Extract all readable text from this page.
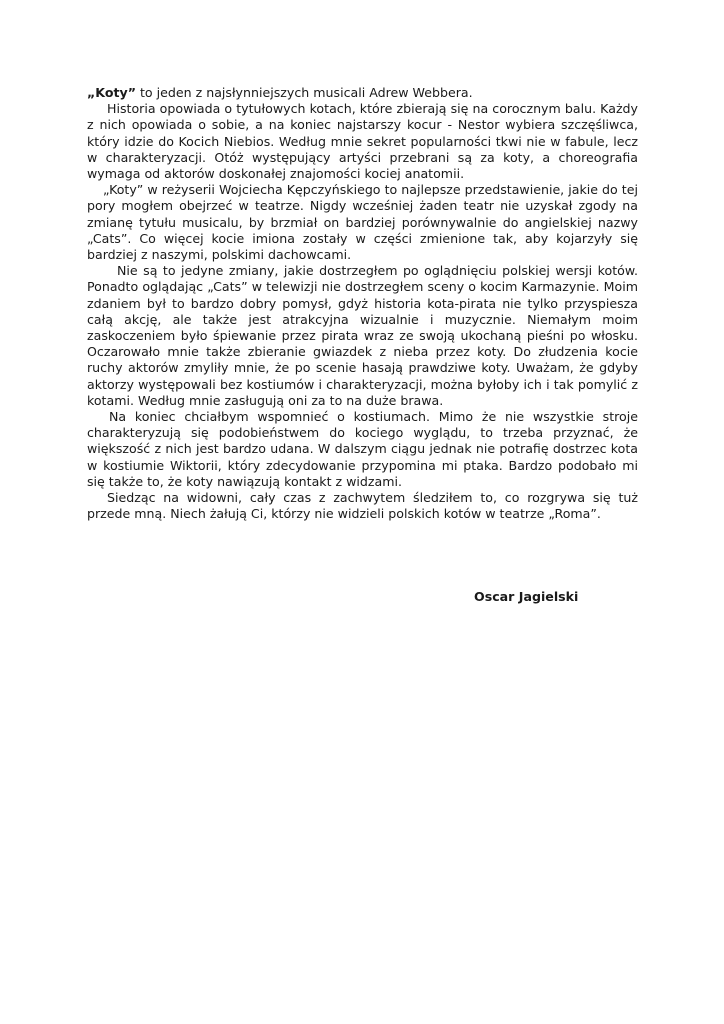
„Koty” to jeden z najsłynniejszych musicali Adrew Webbera.

Historia opowiada o tytułowych kotach, które zbierają się na corocznym balu. Każdy z nich opowiada o sobie, a na koniec najstarszy kocur - Nestor wybiera szczęśliwca, który idzie do Kocich Niebios. Według mnie sekret popularności tkwi nie w fabule, lecz w charakteryzacji. Otóż występujący artyści przebrani są za koty, a choreografia wymaga od aktorów doskonałej znajomości kociej anatomii.

„Koty” w reżyserii Wojciecha Kępczyńskiego to najlepsze przedstawienie, jakie do tej pory mogłem obejrzeć w teatrze. Nigdy wcześniej żaden teatr nie uzyskał zgody na zmianę tytułu musicalu, by brzmiał on bardziej porównywalnie do angielskiej nazwy „Cats”. Co więcej kocie imiona zostały w części zmienione tak, aby kojarzyły się bardziej z naszymi, polskimi dachowcami.

Nie są to jedyne zmiany, jakie dostrzegłem po oglądnięciu polskiej wersji kotów. Ponadto oglądając „Cats” w telewizji nie dostrzegłem sceny o kocim Karmazynie. Moim zdaniem był to bardzo dobry pomysł, gdyż historia kota-pirata nie tylko przyspiesza całą akcję, ale także jest atrakcyjna wizualnie i muzycznie. Niemałym moim zaskoczeniem było śpiewanie przez pirata wraz ze swoją ukochaną pieśni po włosku. Oczarowało mnie także zbieranie gwiazdek z nieba przez koty. Do złudzenia kocie ruchy aktorów zmyliły mnie, że po scenie hasają prawdziwe koty. Uważam, że gdyby aktorzy występowali bez kostiumów i charakteryzacji, można byłoby ich i tak pomylić z kotami. Według mnie zasługują oni za to na duże brawa.

Na koniec chciałbym wspomnieć o kostiumach. Mimo że nie wszystkie stroje charakteryzują się podobieństwem do kociego wyglądu, to trzeba przyznać, że większość z nich jest bardzo udana. W dalszym ciągu jednak nie potrafię dostrzec kota w kostiumie Wiktorii, który zdecydowanie przypomina mi ptaka. Bardzo podobało mi się także to, że koty nawiązują kontakt z widzami.

Siedząc na widowni, cały czas z zachwytem śledziłem to, co rozgrywa się tuż przede mną. Niech żałują Ci, którzy nie widzieli polskich kotów w teatrze „Roma”.

Oscar Jagielski
